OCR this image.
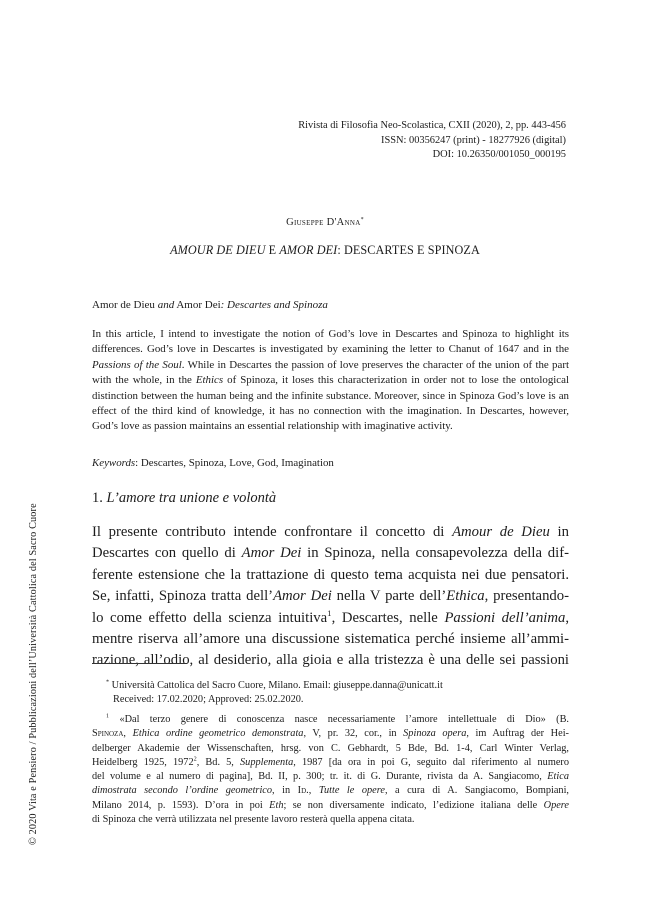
Rivista di Filosofia Neo-Scolastica, CXII (2020), 2, pp. 443-456
ISSN: 00356247 (print) - 18277926 (digital)
DOI: 10.26350/001050_000195
Giuseppe D'Anna*
AMOUR DE DIEU E AMOR DEI: DESCARTES E SPINOZA
Amor de Dieu and Amor Dei: Descartes and Spinoza
In this article, I intend to investigate the notion of God’s love in Descartes and Spinoza to highlight its differences. God’s love in Descartes is investigated by examining the letter to Chanut of 1647 and in the Passions of the Soul. While in Descartes the passion of love preserves the character of the union of the part with the whole, in the Ethics of Spinoza, it loses this characterization in order not to lose the ontological distinction between the human being and the infinite substance. Moreover, since in Spinoza God’s love is an effect of the third kind of knowledge, it has no connection with the imagination. In Descartes, however, God’s love as passion maintains an essential relationship with imaginative activity.
Keywords: Descartes, Spinoza, Love, God, Imagination
1. L’amore tra unione e volontà
Il presente contributo intende confrontare il concetto di Amour de Dieu in
Descartes con quello di Amor Dei in Spinoza, nella consapevolezza della dif-
ferente estensione che la trattazione di questo tema acquista nei due pensatori.
Se, infatti, Spinoza tratta dell’Amor Dei nella V parte dell’Ethica, presentando-
lo come effetto della scienza intuitiva$^1$, Descartes, nelle Passioni dell’anima,
mentre riserva all’amore una discussione sistematica perché insieme all’ammi-
razione, all’odio, al desiderio, alla gioia e alla tristezza è una delle sei passioni
* Università Cattolica del Sacro Cuore, Milano. Email: giuseppe.danna@unicatt.it
Received: 17.02.2020; Approved: 25.02.2020.
$^1$ «Dal terzo genere di conoscenza nasce necessariamente l’amore intellettuale di Dio» (B.
Spinoza, Ethica ordine geometrico demonstrata, V, pr. 32, cor., in Spinoza opera, im Auftrag der Hei-
delberger Akademie der Wissenschaften, hrsg. von C. Gebhardt, 5 Bde, Bd. 1-4, Carl Winter Verlag,
Heidelberg 1925, 1972$^2$, Bd. 5, Supplementa, 1987 [da ora in poi G, seguito dal riferimento al numero
del volume e al numero di pagina], Bd. II, p. 300; tr. it. di G. Durante, rivista da A. Sangiacomo, Etica
dimostrata secondo l’ordine geometrico, in Id., Tutte le opere, a cura di A. Sangiacomo, Bompiani,
Milano 2014, p. 1593). D’ora in poi Eth; se non diversamente indicato, l’edizione italiana delle Opere
di Spinoza che verrà utilizzata nel presente lavoro resterà quella appena citata.
© 2020 Vita e Pensiero / Pubblicazioni dell’Università Cattolica del Sacro Cuore
